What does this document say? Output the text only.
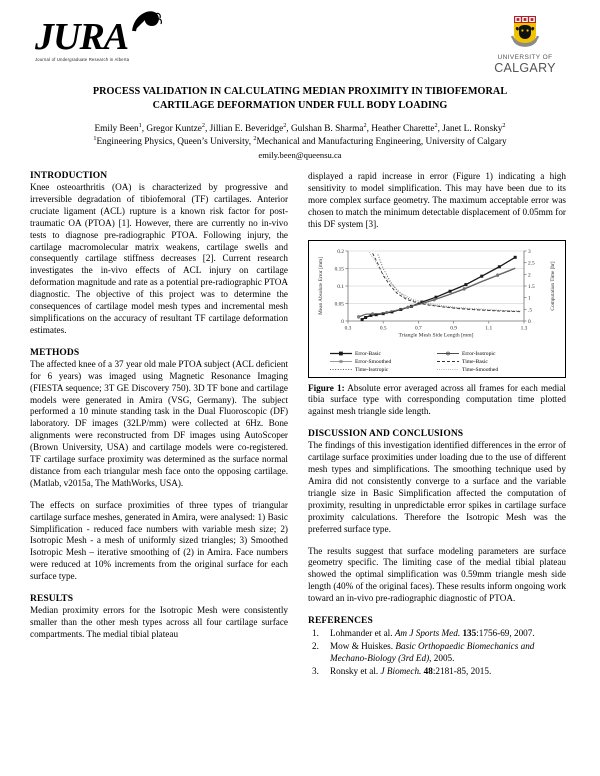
JURA
Journal of Undergraduate Research in Alberta	UNIVERSITY OF
CALGARY
PROCESS VALIDATION IN CALCULATING MEDIAN PROXIMITY IN TIBIOFEMORAL
CARTILAGE DEFORMATION UNDER FULL BODY LOADING
Emily Been$^1$, Gregor Kuntze$^2$, Jillian E. Beveridge$^2$, Gulshan B. Sharma$^2$, Heather Charette$^2$, Janet L. Ronsky$^2$
$^1$Engineering Physics, Queen’s University, $^2$Mechanical and Manufacturing Engineering, University of Calgary
emily.been@queensu.ca
INTRODUCTION

Knee osteoarthritis (OA) is characterized by progressive and irreversible degradation of tibiofemoral (TF) cartilages. Anterior cruciate ligament (ACL) rupture is a known risk factor for post-traumatic OA (PTOA) [1]. However, there are currently no in-vivo tests to diagnose pre-radiographic PTOA. Following injury, the cartilage macromolecular matrix weakens, cartilage swells and consequently cartilage stiffness decreases [2]. Current research investigates the in-vivo effects of ACL injury on cartilage deformation magnitude and rate as a potential pre-radiographic PTOA diagnostic. The objective of this project was to determine the consequences of cartilage model mesh types and incremental mesh simplifications on the accuracy of resultant TF cartilage deformation estimates.

METHODS

The affected knee of a 37 year old male PTOA subject (ACL deficient for 6 years) was imaged using Magnetic Resonance Imaging (FIESTA sequence; 3T GE Discovery 750). 3D TF bone and cartilage models were generated in Amira (VSG, Germany). The subject performed a 10 minute standing task in the Dual Fluoroscopic (DF) laboratory. DF images (32LP/mm) were collected at 6Hz. Bone alignments were reconstructed from DF images using AutoScoper (Brown University, USA) and cartilage models were co-registered. TF cartilage surface proximity was determined as the surface normal distance from each triangular mesh face onto the opposing cartilage. (Matlab, v2015a, The MathWorks, USA).

The effects on surface proximities of three types of triangular cartilage surface meshes, generated in Amira, were analysed: 1) Basic Simplification - reduced face numbers with variable mesh size; 2) Isotropic Mesh - a mesh of uniformly sized triangles; 3) Smoothed Isotropic Mesh – iterative smoothing of (2) in Amira. Face numbers were reduced at 10% increments from the original surface for each surface type.

RESULTS

Median proximity errors for the Isotropic Mesh were consistently smaller than the other mesh types across all four cartilage surface compartments. The medial tibial plateau

displayed a rapid increase in error (Figure 1) indicating a high sensitivity to model simplification. This may have been due to its more complex surface geometry. The maximum acceptable error was chosen to match the minimum detectable displacement of 0.05mm for this DF system [3].

0
0.05
0.1
0.15
0.2
0
.5
1
1.5
2
2.5
3
0.3	0.5	0.7	0.9	1.1	1.3
Mean Absolute Error [mm]	Computation Time [hr]
Triangle Mesh Side Length [mm]
Error-Basic	Error-Isotropic
Error-Smoothed	Time-Basic
Time-Isotropic	Time-Smoothed

Figure 1: Absolute error averaged across all frames for each medial tibia surface type with corresponding computation time plotted against mesh triangle side length.

DISCUSSION AND CONCLUSIONS

The findings of this investigation identified differences in the error of cartilage surface proximities under loading due to the use of different mesh types and simplifications. The smoothing technique used by Amira did not consistently converge to a surface and the variable triangle size in Basic Simplification affected the computation of proximity, resulting in unpredictable error spikes in cartilage surface proximity calculations. Therefore the Isotropic Mesh was the preferred surface type.

The results suggest that surface modeling parameters are surface geometry specific. The limiting case of the medial tibial plateau showed the optimal simplification was 0.59mm triangle mesh side length (40% of the original faces). These results inform ongoing work toward an in-vivo pre-radiographic diagnostic of PTOA.

REFERENCES
1. Lohmander et al. Am J Sports Med. 135:1756-69, 2007.
2. Mow & Huiskes. Basic Orthopaedic Biomechanics and Mechano-Biology (3rd Ed), 2005.
3. Ronsky et al. J Biomech. 48:2181-85, 2015.
